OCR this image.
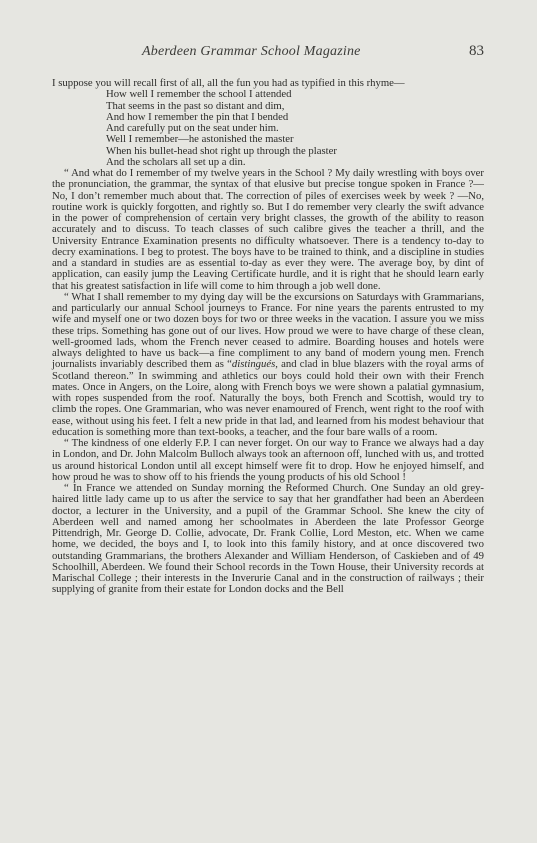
Aberdeen Grammar School Magazine	83

I suppose you will recall first of all, all the fun you had as typified in this rhyme—

How well I remember the school I attended
That seems in the past so distant and dim,
And how I remember the pin that I bended
And carefully put on the seat under him.
Well I remember—he astonished the master
When his bullet-head shot right up through the plaster
And the scholars all set up a din.

“ And what do I remember of my twelve years in the School ? My daily wrestling with boys over the pronunciation, the grammar, the syntax of that elusive but precise tongue spoken in France ?—No, I don’t remember much about that. The correction of piles of exercises week by week ? —No, routine work is quickly forgotten, and rightly so. But I do remember very clearly the swift advance in the power of comprehension of certain very bright classes, the growth of the ability to reason accurately and to discuss. To teach classes of such calibre gives the teacher a thrill, and the University Entrance Examination presents no difficulty whatsoever. There is a tendency to-day to decry examinations. I beg to protest. The boys have to be trained to think, and a discipline in studies and a standard in studies are as essential to-day as ever they were. The average boy, by dint of application, can easily jump the Leaving Certificate hurdle, and it is right that he should learn early that his greatest satisfaction in life will come to him through a job well done.

“ What I shall remember to my dying day will be the excursions on Saturdays with Grammarians, and particularly our annual School journeys to France. For nine years the parents entrusted to my wife and myself one or two dozen boys for two or three weeks in the vacation. I assure you we miss these trips. Something has gone out of our lives. How proud we were to have charge of these clean, well-groomed lads, whom the French never ceased to admire. Boarding houses and hotels were always delighted to have us back—a fine compliment to any band of modern young men. French journalists invariably described them as “distingués, and clad in blue blazers with the royal arms of Scotland thereon.” In swimming and athletics our boys could hold their own with their French mates. Once in Angers, on the Loire, along with French boys we were shown a palatial gymnasium, with ropes suspended from the roof. Naturally the boys, both French and Scottish, would try to climb the ropes. One Grammarian, who was never enamoured of French, went right to the roof with ease, without using his feet. I felt a new pride in that lad, and learned from his modest behaviour that education is something more than text-books, a teacher, and the four bare walls of a room.

“ The kindness of one elderly F.P. I can never forget. On our way to France we always had a day in London, and Dr. John Malcolm Bulloch always took an afternoon off, lunched with us, and trotted us around historical London until all except himself were fit to drop. How he enjoyed himself, and how proud he was to show off to his friends the young products of his old School !

“ In France we attended on Sunday morning the Reformed Church. One Sunday an old grey-haired little lady came up to us after the service to say that her grandfather had been an Aberdeen doctor, a lecturer in the University, and a pupil of the Grammar School. She knew the city of Aberdeen well and named among her schoolmates in Aberdeen the late Professor George Pittendrigh, Mr. George D. Collie, advocate, Dr. Frank Collie, Lord Meston, etc. When we came home, we decided, the boys and I, to look into this family history, and at once discovered two outstanding Grammarians, the brothers Alexander and William Henderson, of Caskieben and of 49 Schoolhill, Aberdeen. We found their School records in the Town House, their University records at Marischal College ; their interests in the Inverurie Canal and in the construction of railways ; their supplying of granite from their estate for London docks and the Bell
